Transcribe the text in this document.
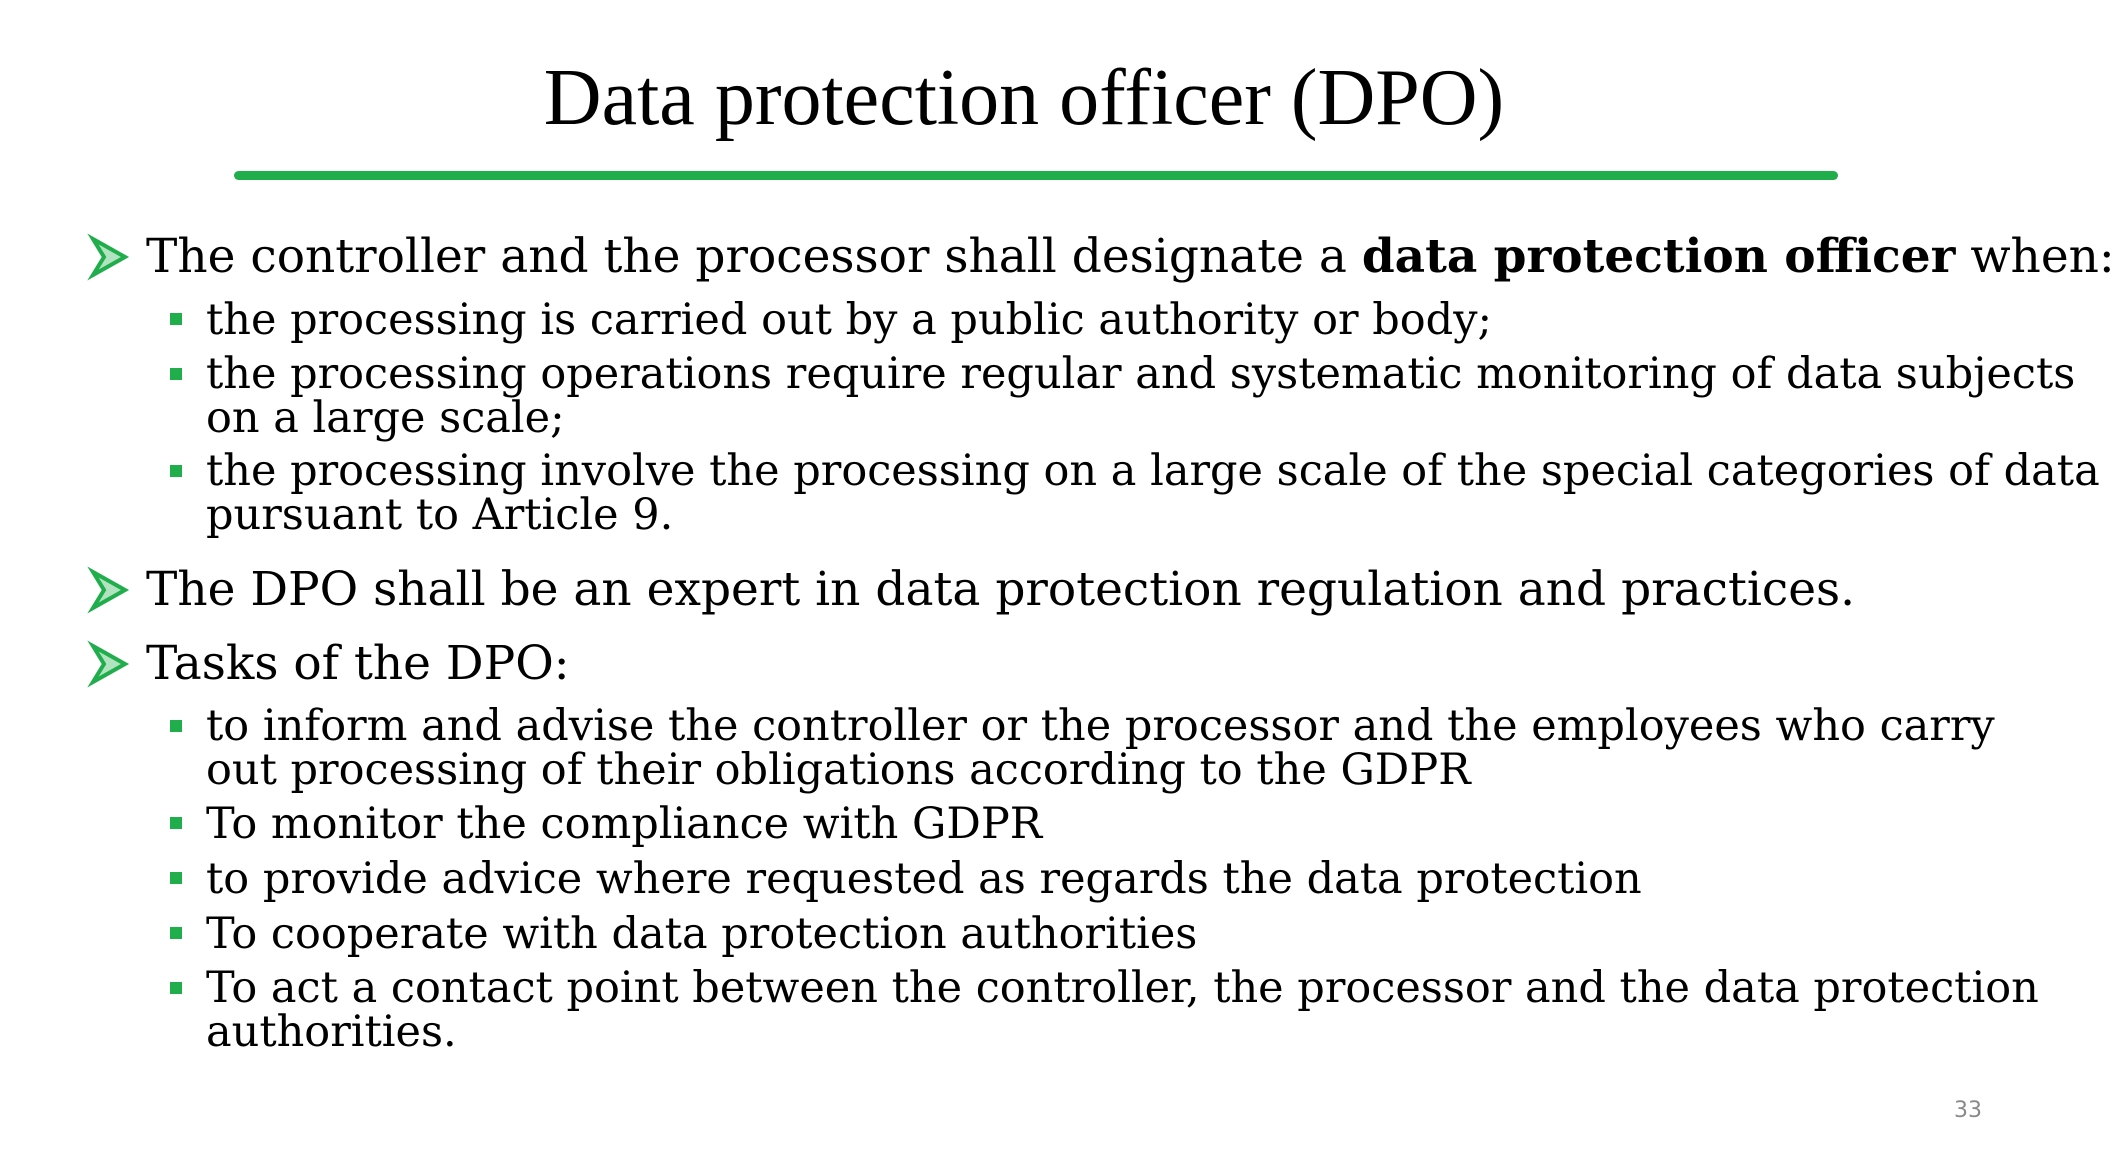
Data protection officer (DPO)
The controller and the processor shall designate a data protection officer when:
the processing is carried out by a public authority or body;
the processing operations require regular and systematic monitoring of data subjects
on a large scale;
the processing involve the processing on a large scale of the special categories of data
pursuant to Article 9.
The DPO shall be an expert in data protection regulation and practices.
Tasks of the DPO:
to inform and advise the controller or the processor and the employees who carry
out processing of their obligations according to the GDPR
To monitor the compliance with GDPR
to provide advice where requested as regards the data protection
To cooperate with data protection authorities
To act a contact point between the controller, the processor and the data protection
authorities.
33
